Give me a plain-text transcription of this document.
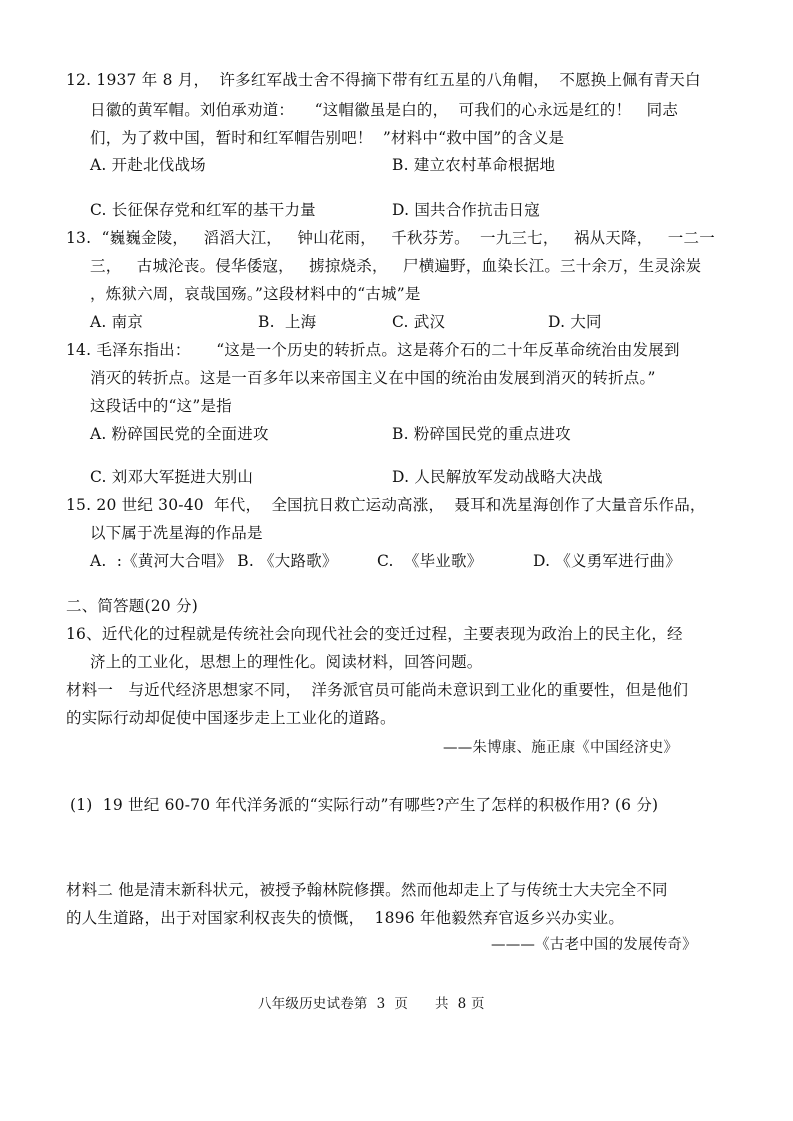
12. 1937 年 8 月，  许多红军战士舍不得摘下带有红五星的八角帽，  不愿换上佩有青天白
日徽的黄军帽。刘伯承劝道：    “这帽徽虽是白的，  可我们的心永远是红的！   同志
们，为了救中国，暂时和红军帽告别吧！  ”材料中“救中国”的含义是
A. 开赴北伐战场	B. 建立农村革命根据地
C. 长征保存党和红军的基干力量	D. 国共合作抗击日寇
13.  “巍巍金陵，   滔滔大江，   钟山花雨，   千秋芬芳。  一九三七，   祸从天降，   一二一
三，   古城沦丧。侵华倭寇，   掳掠烧杀，   尸横遍野，血染长江。三十余万，生灵涂炭
，炼狱六周，哀哉国殇。”这段材料中的“古城”是
A. 南京	B.  上海	C. 武汉	D. 大同
14. 毛泽东指出：     “这是一个历史的转折点。这是蒋介石的二十年反革命统治由发展到
消灭的转折点。这是一百多年以来帝国主义在中国的统治由发展到消灭的转折点。”
这段话中的“这”是指
A. 粉碎国民党的全面进攻	B. 粉碎国民党的重点进攻
C. 刘邓大军挺进大别山	D. 人民解放军发动战略大决战
15. 20 世纪 30-40  年代，  全国抗日救亡运动高涨，  聂耳和冼星海创作了大量音乐作品，
以下属于冼星海的作品是
A.  :《黄河大合唱》 B. 《大路歌》	C.  《毕业歌》	D. 《义勇军进行曲》
二、简答题(20 分)
16、近代化的过程就是传统社会向现代社会的变迁过程，主要表现为政治上的民主化，经
济上的工业化，思想上的理性化。阅读材料，回答问题。
材料一   与近代经济思想家不同，  洋务派官员可能尚未意识到工业化的重要性，但是他们
的实际行动却促使中国逐步走上工业化的道路。
——朱博康、施正康《中国经济史》
(1)  19 世纪 60-70 年代洋务派的“实际行动”有哪些?产生了怎样的积极作用? (6 分)
材料二 他是清末新科状元，被授予翰林院修撰。然而他却走上了与传统士大夫完全不同
的人生道路，出于对国家利权丧失的愤慨，  1896 年他毅然弃官返乡兴办实业。
———《古老中国的发展传奇》
八年级历史试卷第  3  页      共  8 页
